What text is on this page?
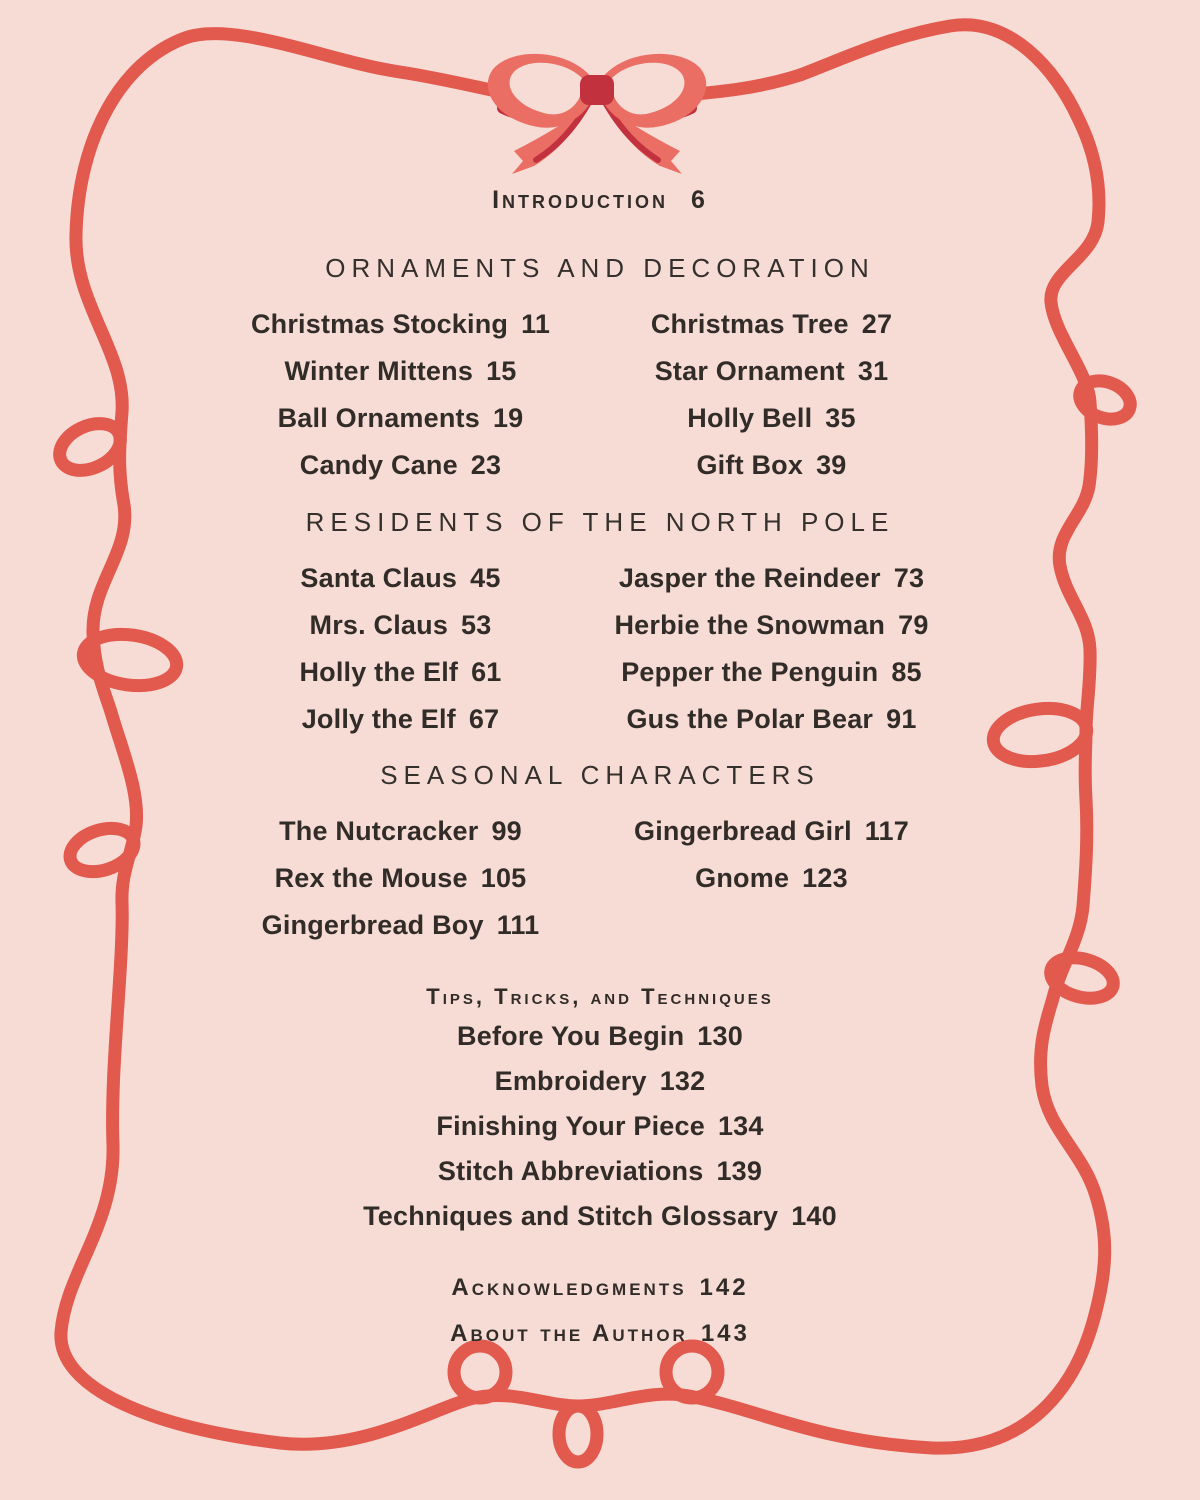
Introduction 6
ORNAMENTS AND DECORATION
Christmas Stocking 11	Christmas Tree 27
Winter Mittens 15	Star Ornament 31
Ball Ornaments 19	Holly Bell 35
Candy Cane 23	Gift Box 39
RESIDENTS OF THE NORTH POLE
Santa Claus 45	Jasper the Reindeer 73
Mrs. Claus 53	Herbie the Snowman 79
Holly the Elf 61	Pepper the Penguin 85
Jolly the Elf 67	Gus the Polar Bear 91
SEASONAL CHARACTERS
The Nutcracker 99	Gingerbread Girl 117
Rex the Mouse 105	Gnome 123
Gingerbread Boy 111
Tips, Tricks, and Techniques
Before You Begin 130
Embroidery 132
Finishing Your Piece 134
Stitch Abbreviations 139
Techniques and Stitch Glossary 140
Acknowledgments 142
About the Author 143
